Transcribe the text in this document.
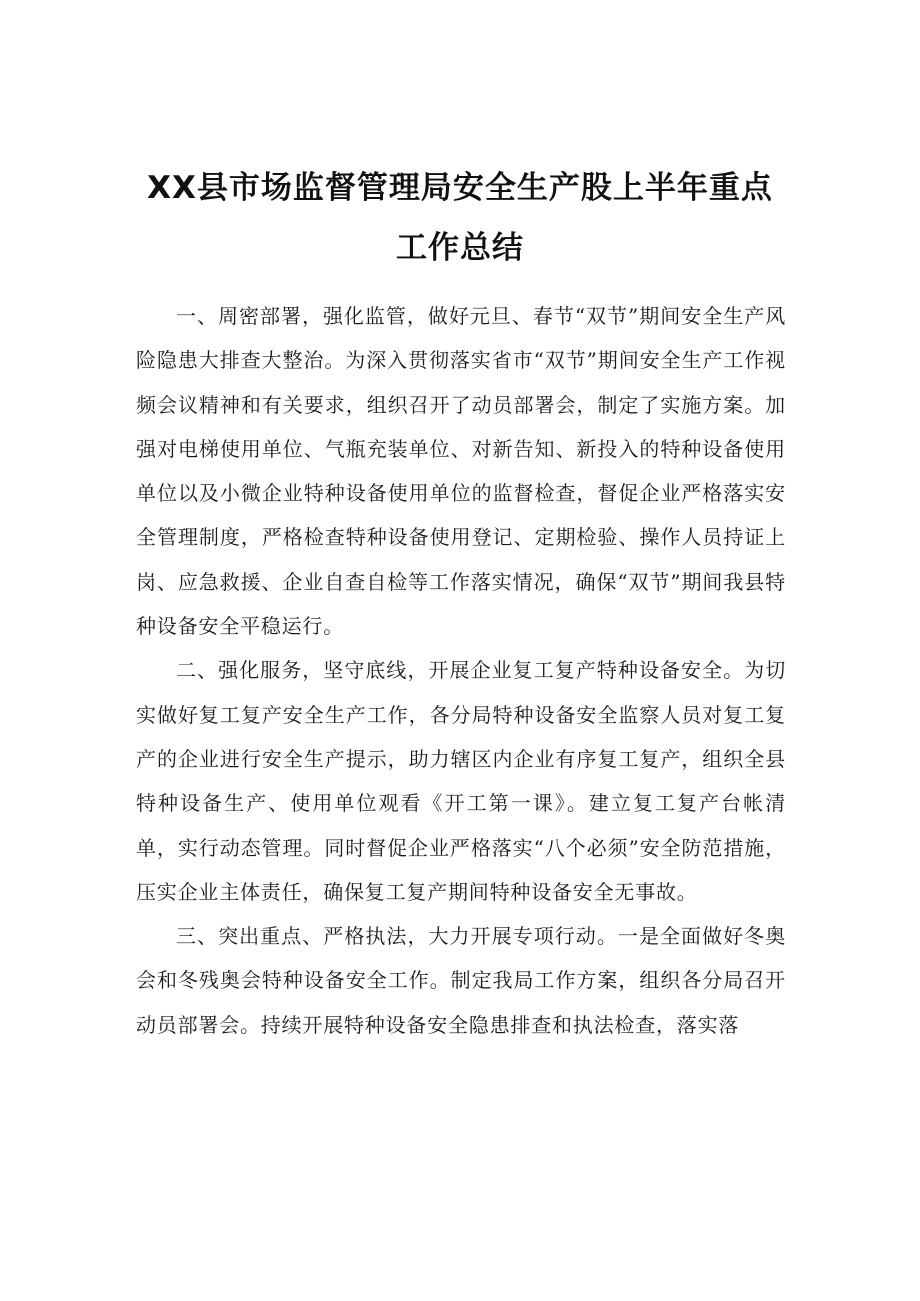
XX县市场监督管理局安全生产股上半年重点
工作总结

一、周密部署，强化监管，做好元旦、春节“双节”期间安全生产风险隐患大排查大整治。为深入贯彻落实省市“双节”期间安全生产工作视频会议精神和有关要求，组织召开了动员部署会，制定了实施方案。加强对电梯使用单位、气瓶充装单位、对新告知、新投入的特种设备使用单位以及小微企业特种设备使用单位的监督检查，督促企业严格落实安全管理制度，严格检查特种设备使用登记、定期检验、操作人员持证上岗、应急救援、企业自查自检等工作落实情况，确保“双节”期间我县特种设备安全平稳运行。

二、强化服务，坚守底线，开展企业复工复产特种设备安全。为切实做好复工复产安全生产工作，各分局特种设备安全监察人员对复工复产的企业进行安全生产提示，助力辖区内企业有序复工复产，组织全县特种设备生产、使用单位观看《开工第一课》。建立复工复产台帐清单，实行动态管理。同时督促企业严格落实“八个必须”安全防范措施，压实企业主体责任，确保复工复产期间特种设备安全无事故。

三、突出重点、严格执法，大力开展专项行动。一是全面做好冬奥会和冬残奥会特种设备安全工作。制定我局工作方案，组织各分局召开动员部署会。持续开展特种设备安全隐患排查和执法检查，落实落
